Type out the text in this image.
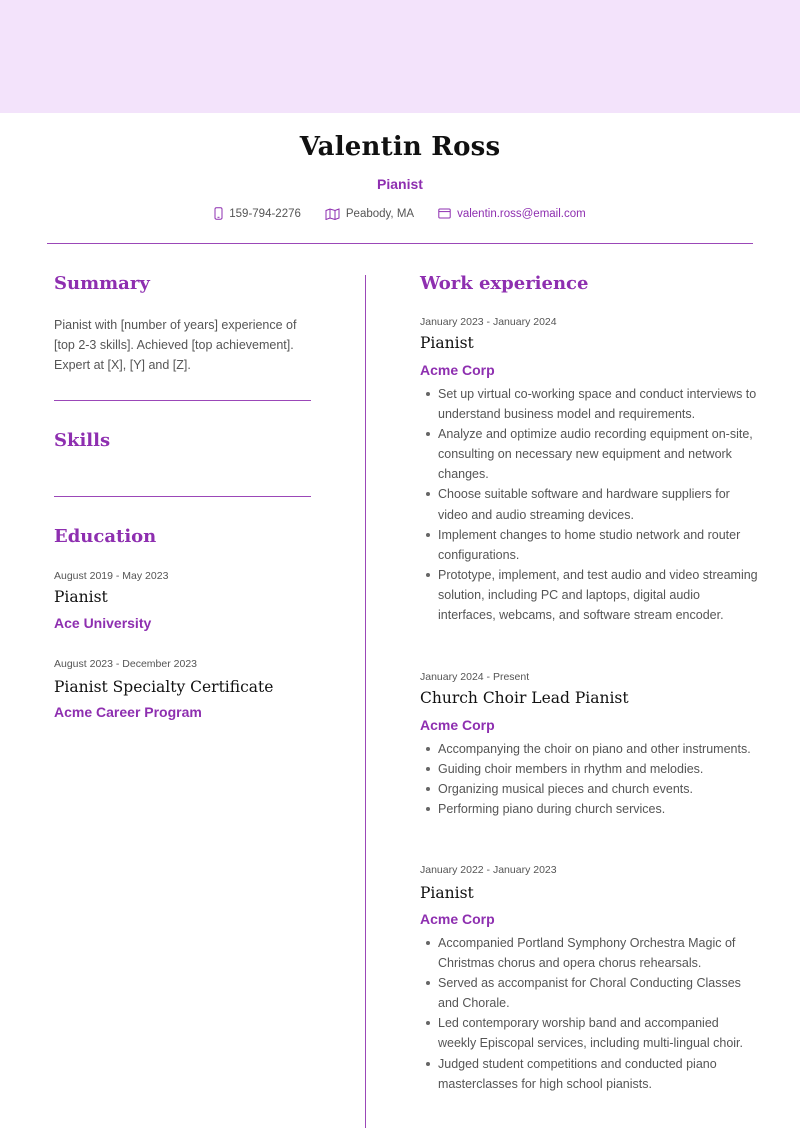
Valentin Ross
Pianist
159-794-2276	Peabody, MA	valentin.ross@email.com
Summary
Pianist with [number of years] experience of [top 2-3 skills]. Achieved [top achievement]. Expert at [X], [Y] and [Z].
Skills
Education
August 2019 - May 2023
Pianist
Ace University
August 2023 - December 2023
Pianist Specialty Certificate
Acme Career Program
Work experience
January 2023 - January 2024
Pianist
Acme Corp
Set up virtual co-working space and conduct interviews to understand business model and requirements.
Analyze and optimize audio recording equipment on-site, consulting on necessary new equipment and network changes.
Choose suitable software and hardware suppliers for video and audio streaming devices.
Implement changes to home studio network and router configurations.
Prototype, implement, and test audio and video streaming solution, including PC and laptops, digital audio interfaces, webcams, and software stream encoder.
January 2024 - Present
Church Choir Lead Pianist
Acme Corp
Accompanying the choir on piano and other instruments.
Guiding choir members in rhythm and melodies.
Organizing musical pieces and church events.
Performing piano during church services.
January 2022 - January 2023
Pianist
Acme Corp
Accompanied Portland Symphony Orchestra Magic of Christmas chorus and opera chorus rehearsals.
Served as accompanist for Choral Conducting Classes and Chorale.
Led contemporary worship band and accompanied weekly Episcopal services, including multi-lingual choir.
Judged student competitions and conducted piano masterclasses for high school pianists.
